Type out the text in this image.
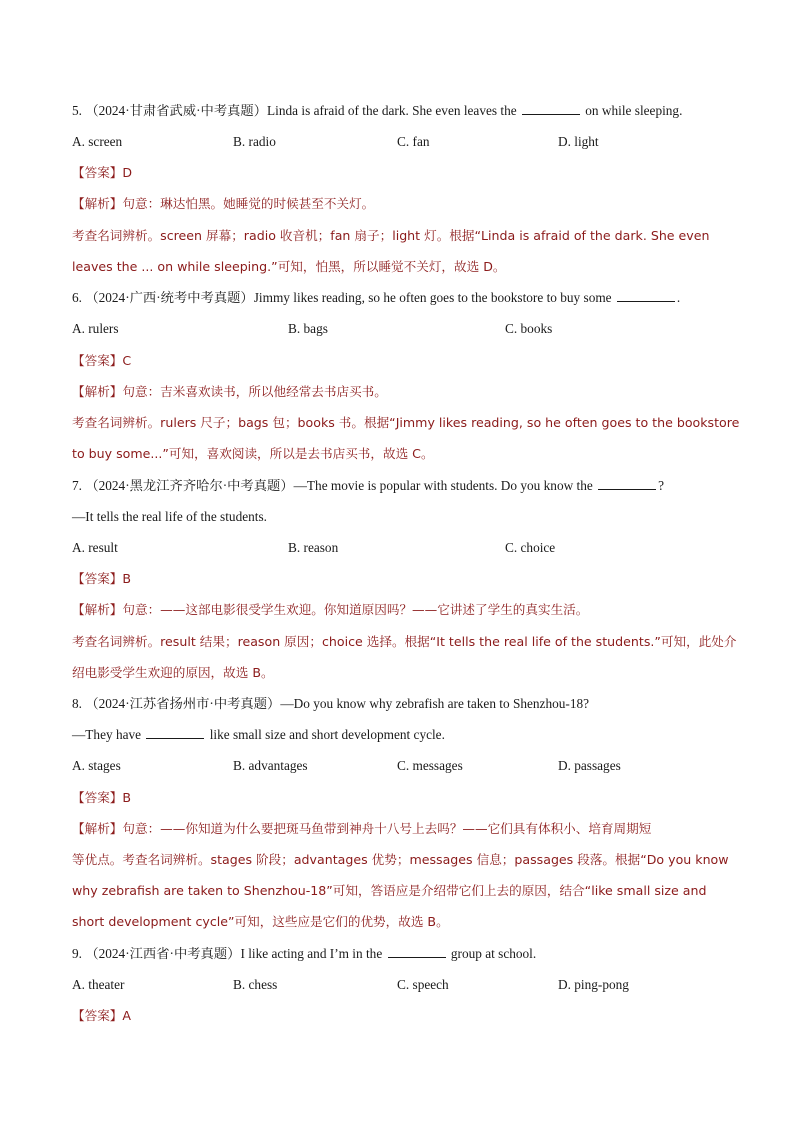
5. （2024·甘肃省武威·中考真题）Linda is afraid of the dark. She even leaves the	on while sleeping.
A. screen	B. radio	C. fan	D. light
【答案】D
【解析】句意：琳达怕黑。她睡觉的时候甚至不关灯。
考查名词辨析。screen 屏幕；radio 收音机；fan 扇子；light 灯。根据“Linda is afraid of the dark. She even
leaves the ... on while sleeping.”可知，怕黑，所以睡觉不关灯，故选 D。
6. （2024·广西·统考中考真题）Jimmy likes reading, so he often goes to the bookstore to buy some	.
A. rulers	B. bags	C. books
【答案】C
【解析】句意：吉米喜欢读书，所以他经常去书店买书。
考查名词辨析。rulers 尺子；bags 包；books 书。根据“Jimmy likes reading, so he often goes to the bookstore
to buy some...”可知，喜欢阅读，所以是去书店买书，故选 C。
7. （2024·黑龙江齐齐哈尔·中考真题）—The movie is popular with students. Do you know the	?
—It tells the real life of the students.
A. result	B. reason	C. choice
【答案】B
【解析】句意：——这部电影很受学生欢迎。你知道原因吗？——它讲述了学生的真实生活。
考查名词辨析。result 结果；reason 原因；choice 选择。根据“It tells the real life of the students.”可知，此处介
绍电影受学生欢迎的原因，故选 B。
8. （2024·江苏省扬州市·中考真题）—Do you know why zebrafish are taken to Shenzhou-18?
—They have	like small size and short development cycle.
A. stages	B. advantages	C. messages	D. passages
【答案】B
【解析】句意：——你知道为什么要把斑马鱼带到神舟十八号上去吗？——它们具有体积小、培育周期短
等优点。考查名词辨析。stages 阶段；advantages 优势；messages 信息；passages 段落。根据“Do you know
why zebrafish are taken to Shenzhou-18”可知，答语应是介绍带它们上去的原因，结合“like small size and
short development cycle”可知，这些应是它们的优势，故选 B。
9. （2024·江西省·中考真题）I like acting and I’m in the	group at school.
A. theater	B. chess	C. speech	D. ping-pong
【答案】A
